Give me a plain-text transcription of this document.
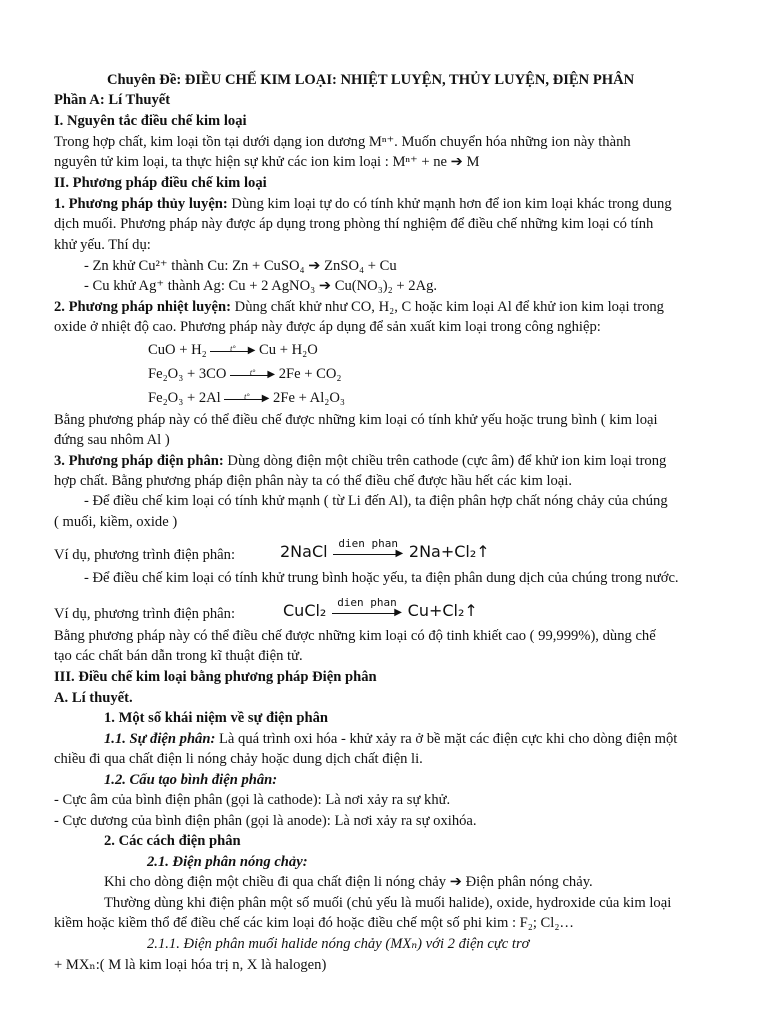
Chuyên Đề: ĐIỀU CHẾ KIM LOẠI: NHIỆT LUYỆN, THỦY LUYỆN, ĐIỆN PHÂN
Phần A: Lí Thuyết
I. Nguyên tắc điều chế kim loại
Trong hợp chất, kim loại tồn tại dưới dạng ion dương Mⁿ⁺. Muốn chuyển hóa những ion này thành
nguyên tử kim loại, ta thực hiện sự khử các ion kim loại : Mⁿ⁺ + ne ➔ M
II. Phương pháp điều chế kim loại
1. Phương pháp thủy luyện: Dùng kim loại tự do có tính khử mạnh hơn để ion kim loại khác trong dung
dịch muối. Phương pháp này được áp dụng trong phòng thí nghiệm để điều chế những kim loại có tính
khử yếu. Thí dụ:
- Zn khử Cu²⁺ thành Cu: Zn + CuSO₄ ➔ ZnSO₄ + Cu
- Cu khử Ag⁺ thành Ag: Cu + 2 AgNO₃ ➔ Cu(NO₃)₂ + 2Ag.
2. Phương pháp nhiệt luyện: Dùng chất khử như CO, H₂, C hoặc kim loại Al để khử ion kim loại trong
oxide ở nhiệt độ cao. Phương pháp này được áp dụng để sản xuất kim loại trong công nghiệp:
CuO + H₂	t°	▶ Cu + H₂O
Fe₂O₃ + 3CO	t°	▶ 2Fe + CO₂
Fe₂O₃ + 2Al	t°	▶ 2Fe + Al₂O₃
Bằng phương pháp này có thể điều chế được những kim loại có tính khử yếu hoặc trung bình ( kim loại
đứng sau nhôm Al )
3. Phương pháp điện phân: Dùng dòng điện một chiều trên cathode (cực âm) để khử ion kim loại trong
hợp chất. Bằng phương pháp điện phân này ta có thể điều chế được hầu hết các kim loại.
- Để điều chế kim loại có tính khử mạnh ( từ Li đến Al), ta điện phân hợp chất nóng chảy của chúng
( muối, kiềm, oxide )
Ví dụ, phương trình điện phân:	2NaCl dien phan
▶ 2Na+Cl₂↑
- Để điều chế kim loại có tính khử trung bình hoặc yếu, ta điện phân dung dịch của chúng trong nước.
Ví dụ, phương trình điện phân:	CuCl₂ dien phan
▶ Cu+Cl₂↑
Bằng phương pháp này có thể điều chế được những kim loại có độ tinh khiết cao ( 99,999%), dùng chế
tạo các chất bán dẫn trong kĩ thuật điện tử.
III. Điều chế kim loại bằng phương pháp Điện phân
A. Lí thuyết.
1. Một số khái niệm về sự điện phân
1.1. Sự điện phân: Là quá trình oxi hóa - khử xảy ra ở bề mặt các điện cực khi cho dòng điện một
chiều đi qua chất điện li nóng chảy hoặc dung dịch chất điện li.
1.2. Cấu tạo bình điện phân:
- Cực âm của bình điện phân (gọi là cathode): Là nơi xảy ra sự khử.
- Cực dương của bình điện phân (gọi là anode): Là nơi xảy ra sự oxihóa.
2. Các cách điện phân
2.1. Điện phân nóng chảy:
Khi cho dòng điện một chiều đi qua chất điện li nóng chảy ➔ Điện phân nóng chảy.
Thường dùng khi điện phân một số muối (chủ yếu là muối halide), oxide, hydroxide của kim loại
kiềm hoặc kiềm thổ để điều chế các kim loại đó hoặc điều chế một số phi kim : F₂; Cl₂…
2.1.1. Điện phân muối halide nóng chảy (MXₙ) với 2 điện cực trơ
+ MXₙ:( M là kim loại hóa trị n, X là halogen)
